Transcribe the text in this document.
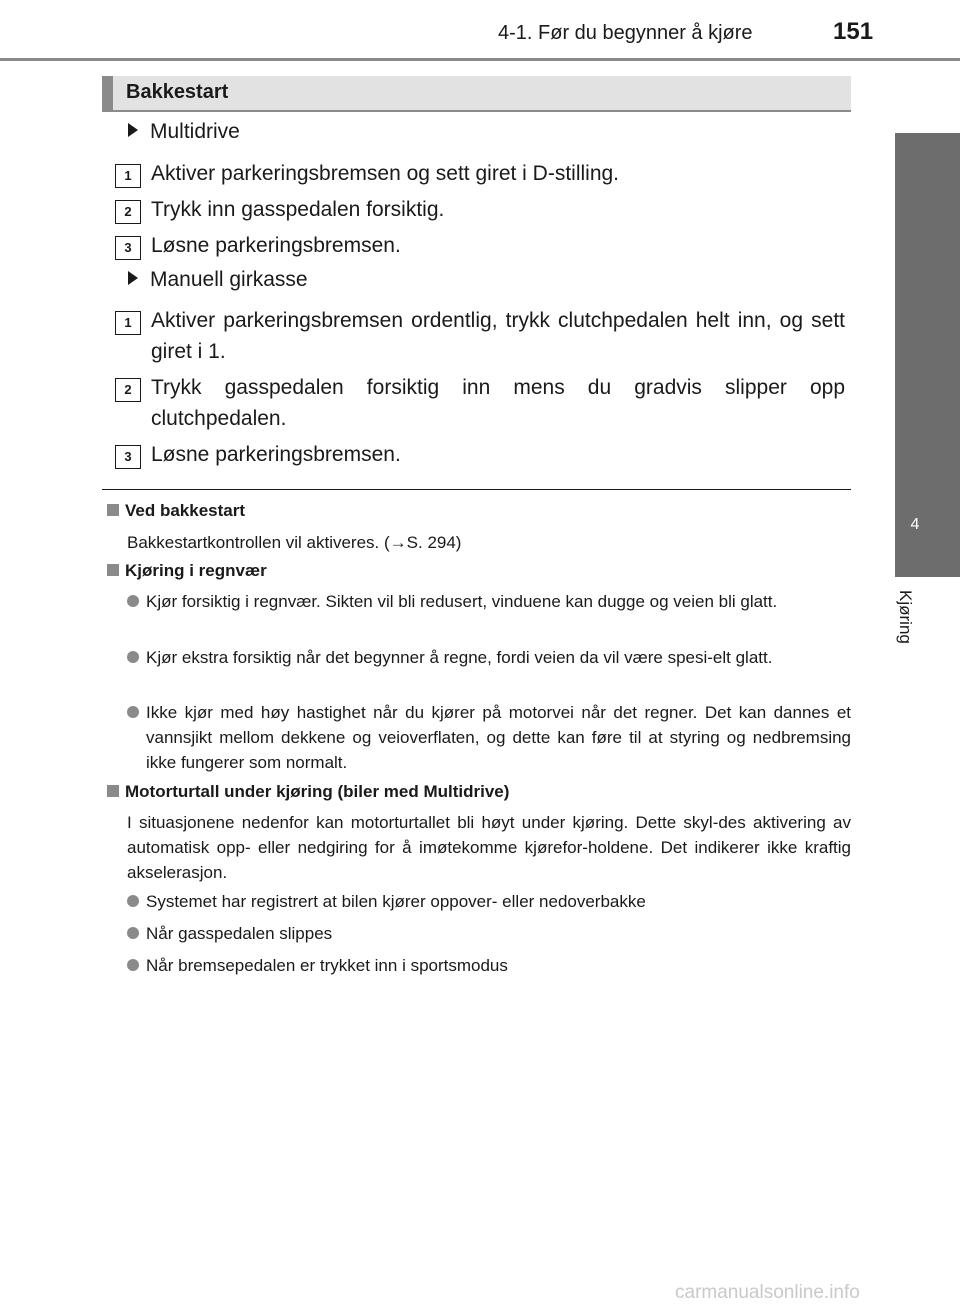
4-1. Før du begynner å kjøre	151
4
Kjøring
Bakkestart
Multidrive
1 Aktiver parkeringsbremsen og sett giret i D-stilling.
2 Trykk inn gasspedalen forsiktig.
3 Løsne parkeringsbremsen.
Manuell girkasse
1 Aktiver parkeringsbremsen ordentlig, trykk clutchpedalen helt inn, og sett giret i 1.
2 Trykk gasspedalen forsiktig inn mens du gradvis slipper opp clutchpedalen.
3 Løsne parkeringsbremsen.
Ved bakkestart
Bakkestartkontrollen vil aktiveres. (→S. 294)
Kjøring i regnvær
Kjør forsiktig i regnvær. Sikten vil bli redusert, vinduene kan dugge og veien bli glatt.
Kjør ekstra forsiktig når det begynner å regne, fordi veien da vil være spesi-elt glatt.
Ikke kjør med høy hastighet når du kjører på motorvei når det regner. Det kan dannes et vannsjikt mellom dekkene og veioverflaten, og dette kan føre til at styring og nedbremsing ikke fungerer som normalt.
Motorturtall under kjøring (biler med Multidrive)
I situasjonene nedenfor kan motorturtallet bli høyt under kjøring. Dette skyl-des aktivering av automatisk opp- eller nedgiring for å imøtekomme kjørefor-holdene. Det indikerer ikke kraftig akselerasjon.
Systemet har registrert at bilen kjører oppover- eller nedoverbakke
Når gasspedalen slippes
Når bremsepedalen er trykket inn i sportsmodus
carmanualsonline.info
